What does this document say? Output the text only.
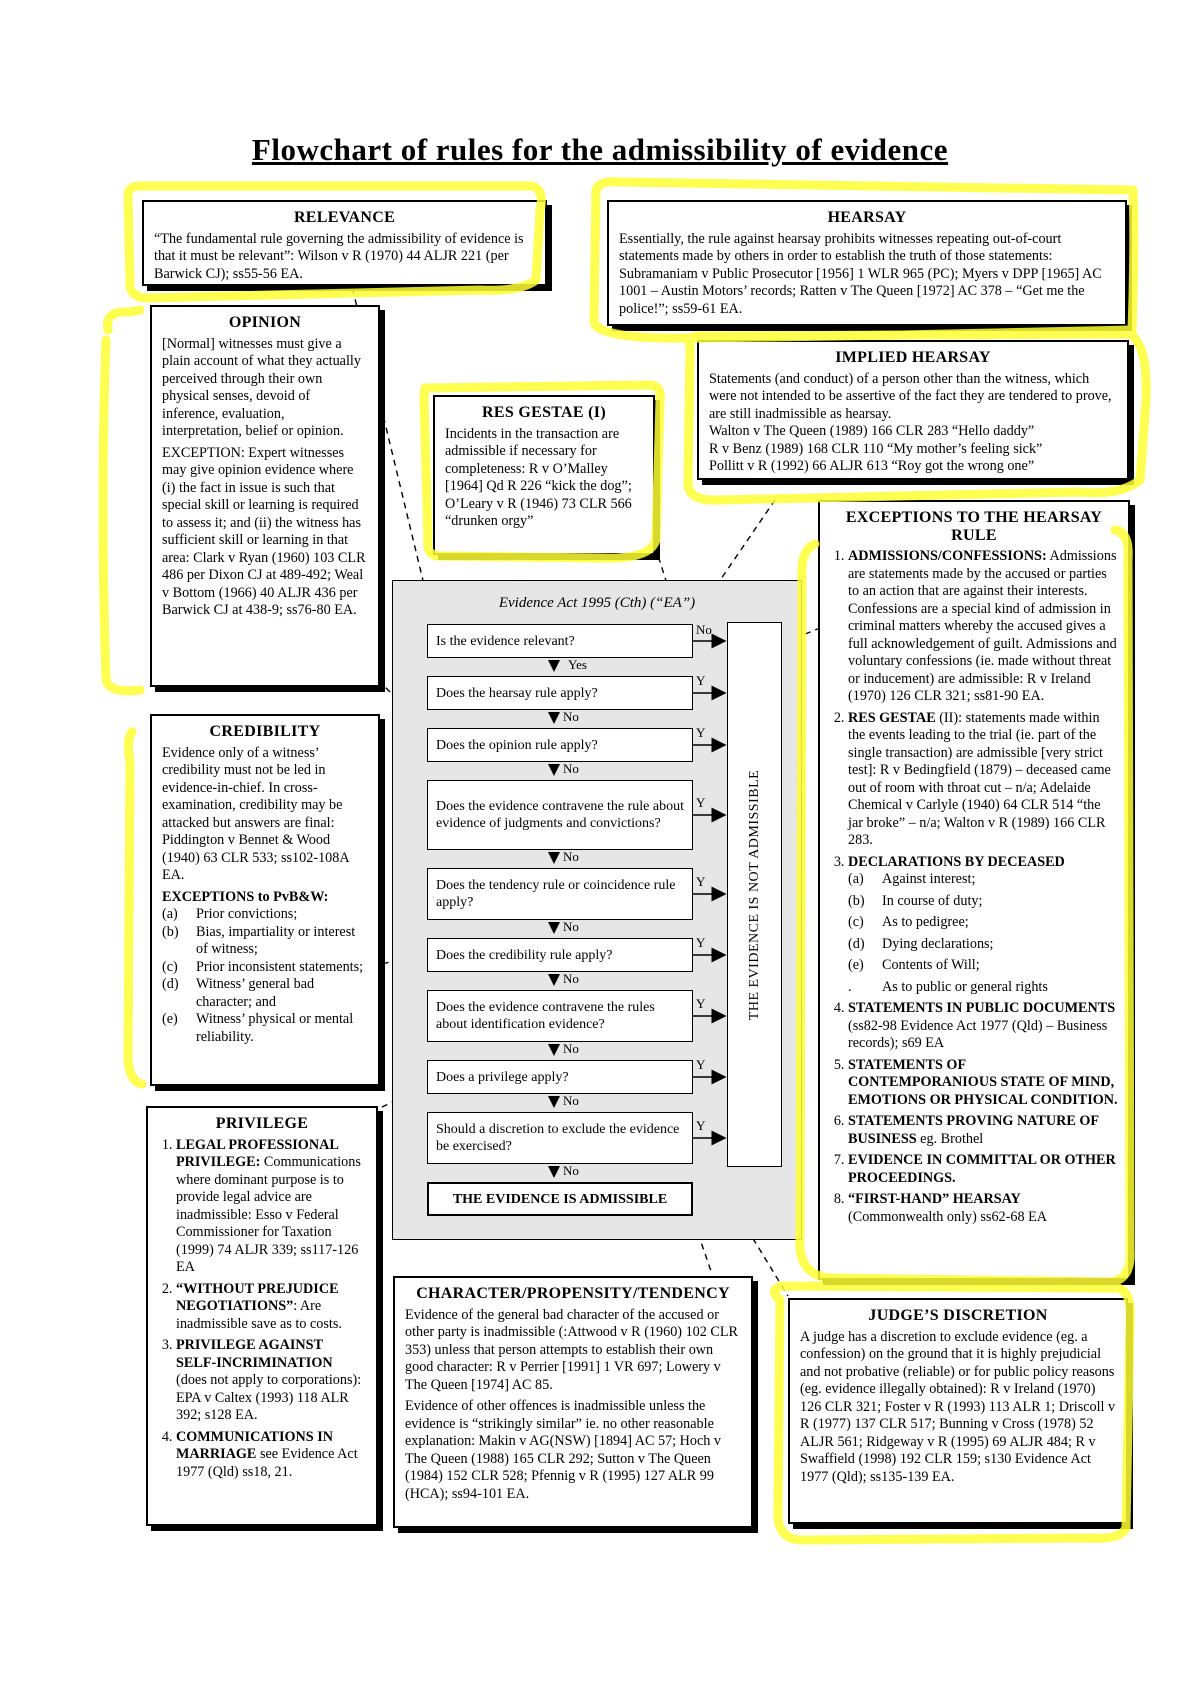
Flowchart of rules for the admissibility of evidence
RELEVANCE

“The fundamental rule governing the admissibility of evidence is that it must be relevant”: Wilson v R (1970) 44 ALJR 221 (per Barwick CJ); ss55-56 EA.

HEARSAY

Essentially, the rule against hearsay prohibits witnesses repeating out-of-court statements made by others in order to establish the truth of those statements: Subramaniam v Public Prosecutor [1956] 1 WLR 965 (PC); Myers v DPP [1965] AC 1001 – Austin Motors’ records; Ratten v The Queen [1972] AC 378 – “Get me the police!”; ss59-61 EA.

OPINION

[Normal] witnesses must give a plain account of what they actually perceived through their own physical senses, devoid of inference, evaluation, interpretation, belief or opinion.

EXCEPTION: Expert witnesses may give opinion evidence where (i) the fact in issue is such that special skill or learning is required to assess it; and (ii) the witness has sufficient skill or learning in that area: Clark v Ryan (1960) 103 CLR 486 per Dixon CJ at 489-492; Weal v Bottom (1966) 40 ALJR 436 per Barwick CJ at 438-9; ss76-80 EA.

RES GESTAE (I)

Incidents in the transaction are admissible if necessary for completeness: R v O’Malley [1964] Qd R 226 “kick the dog”; O’Leary v R (1946) 73 CLR 566 “drunken orgy”

IMPLIED HEARSAY

Statements (and conduct) of a person other than the witness, which were not intended to be assertive of the fact they are tendered to prove, are still inadmissible as hearsay.

Walton v The Queen (1989) 166 CLR 283 “Hello daddy”
R v Benz (1989) 168 CLR 110 “My mother’s feeling sick”
Pollitt v R (1992) 66 ALJR 613 “Roy got the wrong one”
CREDIBILITY

Evidence only of a witness’ credibility must not be led in evidence-in-chief. In cross-examination, credibility may be attacked but answers are final: Piddington v Bennet & Wood (1940) 63 CLR 533; ss102-108A EA.

EXCEPTIONS to PvB&W:
(a)	Prior convictions;
(b)	Bias, impartiality or interest of witness;
(c)	Prior inconsistent statements;
(d)	Witness’ general bad character; and
(e)	Witness’ physical or mental reliability.
PRIVILEGE
1. LEGAL PROFESSIONAL PRIVILEGE: Communications where dominant purpose is to provide legal advice are inadmissible: Esso v Federal Commissioner for Taxation (1999) 74 ALJR 339; ss117-126 EA
2. “WITHOUT PREJUDICE NEGOTIATIONS”: Are inadmissible save as to costs.
3. PRIVILEGE AGAINST SELF-INCRIMINATION (does not apply to corporations): EPA v Caltex (1993) 118 ALR 392; s128 EA.
4. COMMUNICATIONS IN MARRIAGE see Evidence Act 1977 (Qld) ss18, 21.
Evidence Act 1995 (Cth) (“EA”)
THE EVIDENCE IS NOT ADMISSIBLE
Is the evidence relevant?
Does the hearsay rule apply?
Does the opinion rule apply?
Does the evidence contravene the rule about evidence of judgments and convictions?
Does the tendency rule or coincidence rule apply?
Does the credibility rule apply?
Does the evidence contravene the rules about identification evidence?
Does a privilege apply?
Should a discretion to exclude the evidence be exercised?
THE EVIDENCE IS ADMISSIBLE
Yes
No
No
No
No
No
No
No
No
No
Y
Y
Y
Y
Y
Y
Y
Y
EXCEPTIONS TO THE HEARSAY RULE
1. ADMISSIONS/CONFESSIONS: Admissions are statements made by the accused or parties to an action that are against their interests. Confessions are a special kind of admission in criminal matters whereby the accused gives a full acknowledgement of guilt. Admissions and voluntary confessions (ie. made without threat or inducement) are admissible: R v Ireland (1970) 126 CLR 321; ss81-90 EA.
2. RES GESTAE (II): statements made within the events leading to the trial (ie. part of the single transaction) are admissible [very strict test]: R v Bedingfield (1879) – deceased came out of room with throat cut – n/a; Adelaide Chemical v Carlyle (1940) 64 CLR 514 “the jar broke” – n/a; Walton v R (1989) 166 CLR 283.
3. DECLARATIONS BY DECEASED
(a)	Against interest;
(b)	In course of duty;
(c)	As to pedigree;
(d)	Dying declarations;
(e)	Contents of Will;
.	As to public or general rights
4. STATEMENTS IN PUBLIC DOCUMENTS (ss82-98 Evidence Act 1977 (Qld) – Business records); s69 EA
5. STATEMENTS OF CONTEMPORANIOUS STATE OF MIND, EMOTIONS OR PHYSICAL CONDITION.
6. STATEMENTS PROVING NATURE OF BUSINESS eg. Brothel
7. EVIDENCE IN COMMITTAL OR OTHER PROCEEDINGS.
8. “FIRST-HAND” HEARSAY (Commonwealth only) ss62-68 EA
CHARACTER/PROPENSITY/TENDENCY

Evidence of the general bad character of the accused or other party is inadmissible (:Attwood v R (1960) 102 CLR 353) unless that person attempts to establish their own good character: R v Perrier [1991] 1 VR 697; Lowery v The Queen [1974] AC 85.

Evidence of other offences is inadmissible unless the evidence is “strikingly similar” ie. no other reasonable explanation: Makin v AG(NSW) [1894] AC 57; Hoch v The Queen (1988) 165 CLR 292; Sutton v The Queen (1984) 152 CLR 528; Pfennig v R (1995) 127 ALR 99 (HCA); ss94-101 EA.

JUDGE’S DISCRETION

A judge has a discretion to exclude evidence (eg. a confession) on the ground that it is highly prejudicial and not probative (reliable) or for public policy reasons (eg. evidence illegally obtained): R v Ireland (1970) 126 CLR 321; Foster v R (1993) 113 ALR 1; Driscoll v R (1977) 137 CLR 517; Bunning v Cross (1978) 52 ALJR 561; Ridgeway v R (1995) 69 ALJR 484; R v Swaffield (1998) 192 CLR 159; s130 Evidence Act 1977 (Qld); ss135-139 EA.
